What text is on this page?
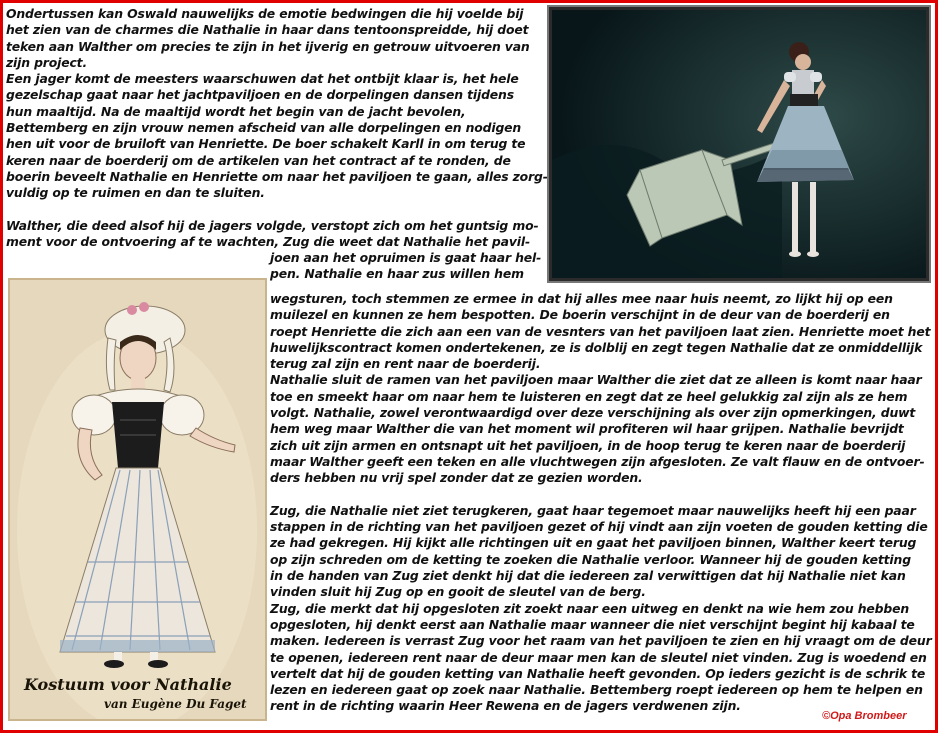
Ondertussen kan Oswald nauwelijks de emotie bedwingen die hij voelde bij
het zien van de charmes die Nathalie in haar dans tentoonspreidde, hij doet
teken aan Walther om precies te zijn in het ijverig en getrouw uitvoeren van
zijn project.
Een jager komt de meesters waarschuwen dat het ontbijt klaar is, het hele
gezelschap gaat naar het jachtpaviljoen en de dorpelingen dansen tijdens
hun maaltijd. Na de maaltijd wordt het begin van de jacht bevolen,
Bettemberg en zijn vrouw nemen afscheid van alle dorpelingen en nodigen
hen uit voor de bruiloft van Henriette. De boer schakelt Karll in om terug te
keren naar de boerderij om de artikelen van het contract af te ronden, de
boerin beveelt Nathalie en Henriette om naar het paviljoen te gaan, alles zorg-
vuldig op te ruimen en dan te sluiten.

Walther, die deed alsof hij de jagers volgde, verstopt zich om het guntsig mo-
ment voor de ontvoering af te wachten, Zug die weet dat Nathalie het pavil-
joen aan het opruimen is gaat haar hel-
pen. Nathalie en haar zus willen hem
wegsturen, toch stemmen ze ermee in dat hij alles mee naar huis neemt, zo lijkt hij op een
muilezel en kunnen ze hem bespotten. De boerin verschijnt in de deur van de boerderij en
roept Henriette die zich aan een van de vesnters van het paviljoen laat zien. Henriette moet het
huwelijkscontract komen ondertekenen, ze is dolblij en zegt tegen Nathalie dat ze onmiddellijk
terug zal zijn en rent naar de boerderij.
Nathalie sluit de ramen van het paviljoen maar Walther die ziet dat ze alleen is komt naar haar
toe en smeekt haar om naar hem te luisteren en zegt dat ze heel gelukkig zal zijn als ze hem
volgt. Nathalie, zowel verontwaardigd over deze verschijning als over zijn opmerkingen, duwt
hem weg maar Walther die van het moment wil profiteren wil haar grijpen. Nathalie bevrijdt
zich uit zijn armen en ontsnapt uit het paviljoen, in de hoop terug te keren naar de boerderij
maar Walther geeft een teken en alle vluchtwegen zijn afgesloten. Ze valt flauw en de ontvoer-
ders hebben nu vrij spel zonder dat ze gezien worden.

Zug, die Nathalie niet ziet terugkeren, gaat haar tegemoet maar nauwelijks heeft hij een paar
stappen in de richting van het paviljoen gezet of hij vindt aan zijn voeten de gouden ketting die
ze had gekregen. Hij kijkt alle richtingen uit en gaat het paviljoen binnen, Walther keert terug
op zijn schreden om de ketting te zoeken die Nathalie verloor. Wanneer hij de gouden ketting
in de handen van Zug ziet denkt hij dat die iedereen zal verwittigen dat hij Nathalie niet kan
vinden sluit hij Zug op en gooit de sleutel van de berg.
Zug, die merkt dat hij opgesloten zit zoekt naar een uitweg en denkt na wie hem zou hebben
opgesloten, hij denkt eerst aan Nathalie maar wanneer die niet verschijnt begint hij kabaal te
maken. Iedereen is verrast Zug voor het raam van het paviljoen te zien en hij vraagt om de deur
te openen, iedereen rent naar de deur maar men kan de sleutel niet vinden. Zug is woedend en
vertelt dat hij de gouden ketting van Nathalie heeft gevonden. Op ieders gezicht is de schrik te
lezen en iedereen gaat op zoek naar Nathalie. Bettemberg roept iedereen op hem te helpen en
rent in de richting waarin Heer Rewena en de jagers verdwenen zijn.

Kostuum voor Nathalie

van Eugène Du Faget

©Opa Brombeer
